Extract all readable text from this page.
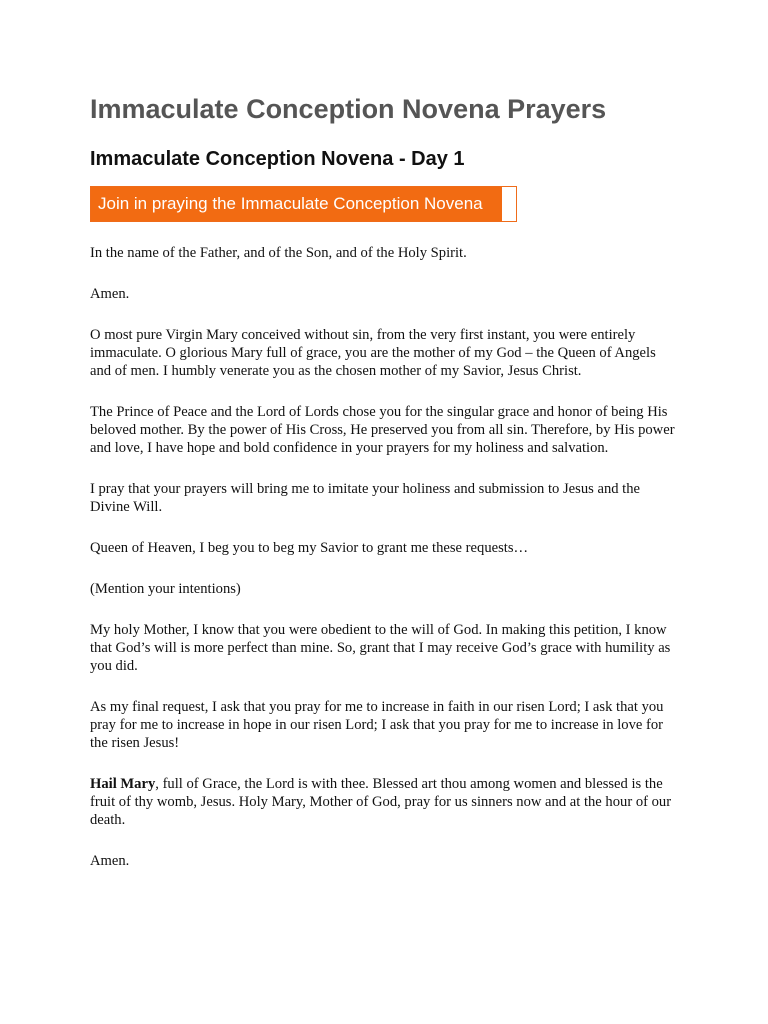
Immaculate Conception Novena Prayers
Immaculate Conception Novena - Day 1
Join in praying the Immaculate Conception Novena

In the name of the Father, and of the Son, and of the Holy Spirit.

Amen.

O most pure Virgin Mary conceived without sin, from the very first instant, you were entirely immaculate. O glorious Mary full of grace, you are the mother of my God – the Queen of Angels and of men. I humbly venerate you as the chosen mother of my Savior, Jesus Christ.

The Prince of Peace and the Lord of Lords chose you for the singular grace and honor of being His beloved mother. By the power of His Cross, He preserved you from all sin. Therefore, by His power and love, I have hope and bold confidence in your prayers for my holiness and salvation.

I pray that your prayers will bring me to imitate your holiness and submission to Jesus and the Divine Will.

Queen of Heaven, I beg you to beg my Savior to grant me these requests…

(Mention your intentions)

My holy Mother, I know that you were obedient to the will of God. In making this petition, I know that God’s will is more perfect than mine. So, grant that I may receive God’s grace with humility as you did.

As my final request, I ask that you pray for me to increase in faith in our risen Lord; I ask that you pray for me to increase in hope in our risen Lord; I ask that you pray for me to increase in love for the risen Jesus!

Hail Mary, full of Grace, the Lord is with thee. Blessed art thou among women and blessed is the fruit of thy womb, Jesus. Holy Mary, Mother of God, pray for us sinners now and at the hour of our death.

Amen.
